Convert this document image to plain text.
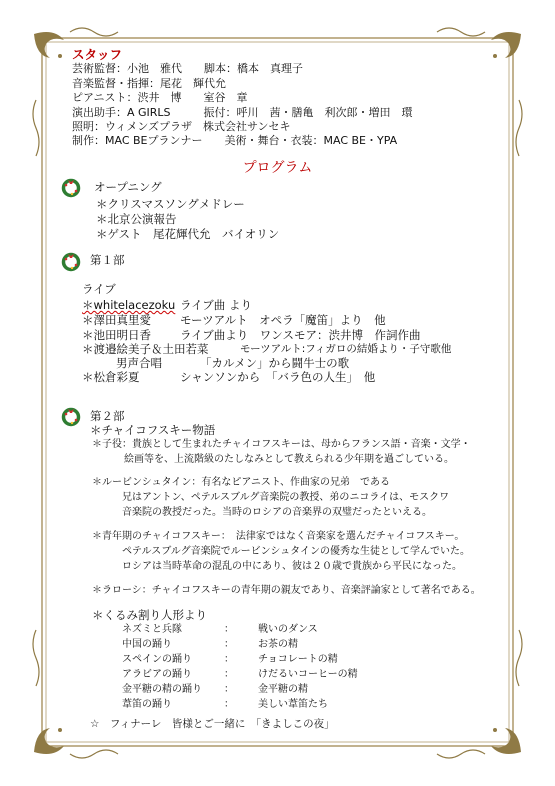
スタッフ
芸術監督：小池　雅代　　脚本：橋本　真理子
音楽監督・指揮：尾花　輝代允
ピアニスト：渋井　博　　室谷　章
演出助手：A GIRLS　　　振付：呼川　茜・膳亀　利次郎・増田　環
照明：ウィメンズプラザ　株式会社サンセキ
制作：MAC BEプランナー　　美術・舞台・衣装：MAC BE・YPA
プログラム
オープニング
＊クリスマスソングメドレー
＊北京公演報告
＊ゲスト　尾花輝代允　バイオリン
第１部
ライブ
＊whitelacezoku ライブ曲 より
＊澤田真里愛	モーツアルト　オペラ「魔笛」より　他
＊池田明日香	ライブ曲より　ワンスモア：渋井博　作詞作曲
＊渡邉絵美子＆土田若菜	モーツアルト:フィガロの結婚より・子守歌他
男声合唱	「カルメン」から闘牛士の歌
＊松倉彩夏	シャンソンから　「バラ色の人生」　他
第２部
＊チャイコフスキー物語
＊子役：貴族として生まれたチャイコフスキーは、母からフランス語・音楽・文学・
絵画等を、上流階級のたしなみとして教えられる少年期を過ごしている。
＊ルービンシュタイン：有名なピアニスト、作曲家の兄弟　である
兄はアントン、ペテルスブルグ音楽院の教授、弟のニコライは、モスクワ
音楽院の教授だった。当時のロシアの音楽界の双璧だったといえる。
＊青年期のチャイコフスキー：　法律家ではなく音楽家を選んだチャイコフスキー。
ペテルスブルグ音楽院でルービンシュタインの優秀な生徒として学んでいた。
ロシアは当時革命の混乱の中にあり、彼は２０歳で貴族から平民になった。
＊ラローシ：チャイコフスキーの青年期の親友であり、音楽評論家として著名である。
＊くるみ割り人形より
ネズミと兵隊	： 戦いのダンス
中国の踊り	： お茶の精
スペインの踊り	： チョコレートの精
アラビアの踊り	： けだるいコーヒーの精
金平糖の精の踊り ： 金平糖の精
葦笛の踊り	： 美しい葦笛たち
☆　フィナーレ　皆様とご一緒に　「きよしこの夜」
